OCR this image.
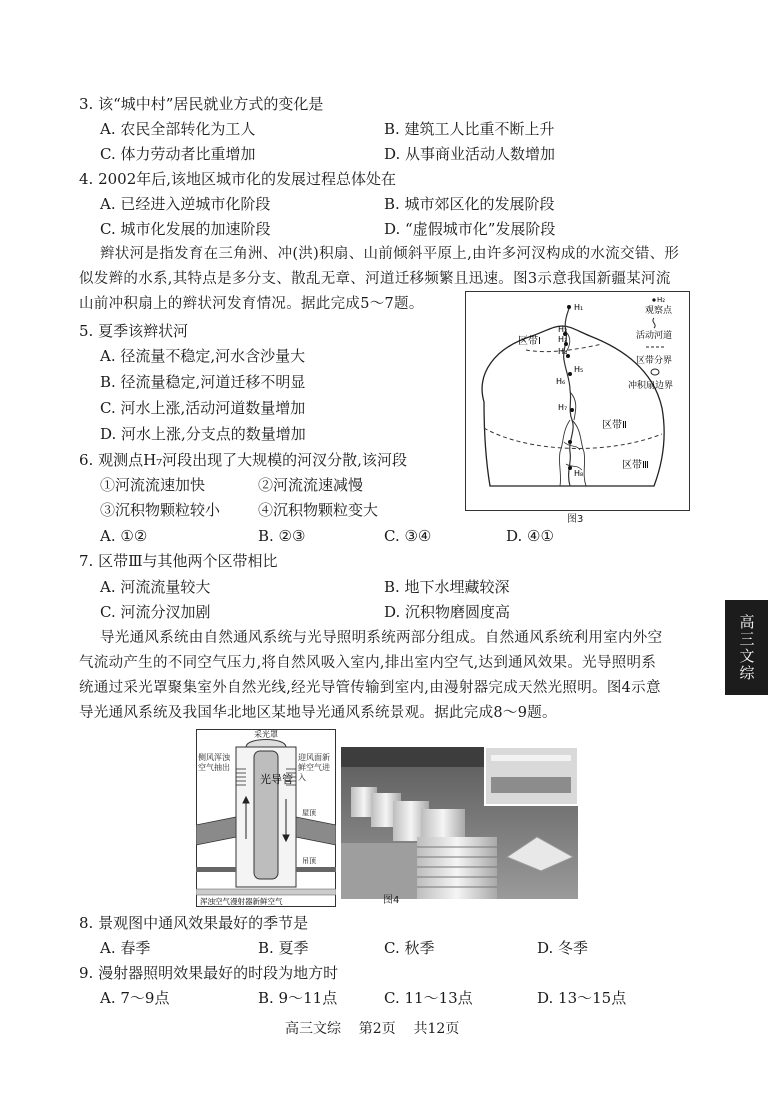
3. 该“城中村”居民就业方式的变化是
A. 农民全部转化为工人	B. 建筑工人比重不断上升
C. 体力劳动者比重增加	D. 从事商业活动人数增加
4. 2002年后,该地区城市化的发展过程总体处在
A. 已经进入逆城市化阶段	B. 城市郊区化的发展阶段
C. 城市化发展的加速阶段	D. “虚假城市化”发展阶段
辫状河是指发育在三角洲、冲(洪)积扇、山前倾斜平原上,由许多河汊构成的水流交错、形
似发辫的水系,其特点是多分支、散乱无章、河道迁移频繁且迅速。图3示意我国新疆某河流
山前冲积扇上的辫状河发育情况。据此完成5～7题。
5. 夏季该辫状河
A. 径流量不稳定,河水含沙量大
B. 径流量稳定,河道迁移不明显
C. 河水上涨,活动河道数量增加
D. 河水上涨,分支点的数量增加
6. 观测点H₇河段出现了大规模的河汊分散,该河段
①河流流速加快	②河流流速减慢
③沉积物颗粒较小	④沉积物颗粒变大
A. ①②	B. ②③	C. ③④	D. ④①
H₁
H₂
H₃
H₄
H₅
H₆
H₇
H₈
区带Ⅰ
区带Ⅱ
区带Ⅲ
H₂
观察点
活动河道
区带分界
冲积扇边界
图3
7. 区带Ⅲ与其他两个区带相比
A. 河流流量较大	B. 地下水埋藏较深
C. 河流分汊加剧	D. 沉积物磨圆度高
导光通风系统由自然通风系统与光导照明系统两部分组成。自然通风系统利用室内外空
气流动产生的不同空气压力,将自然风吸入室内,排出室内空气,达到通风效果。光导照明系
统通过采光罩聚集室外自然光线,经光导管传输到室内,由漫射器完成天然光照明。图4示意
导光通风系统及我国华北地区某地导光通风系统景观。据此完成8～9题。
高三文综
采光罩
光导管
屋顶
吊顶
侧风浑浊空气抽出
迎风面新鲜空气进入
浑浊空气漫射器新鲜空气	图4
8. 景观图中通风效果最好的季节是
A. 春季	B. 夏季	C. 秋季	D. 冬季
9. 漫射器照明效果最好的时段为地方时
A. 7～9点	B. 9～11点	C. 11～13点	D. 13～15点
高三文综    第2页    共12页
